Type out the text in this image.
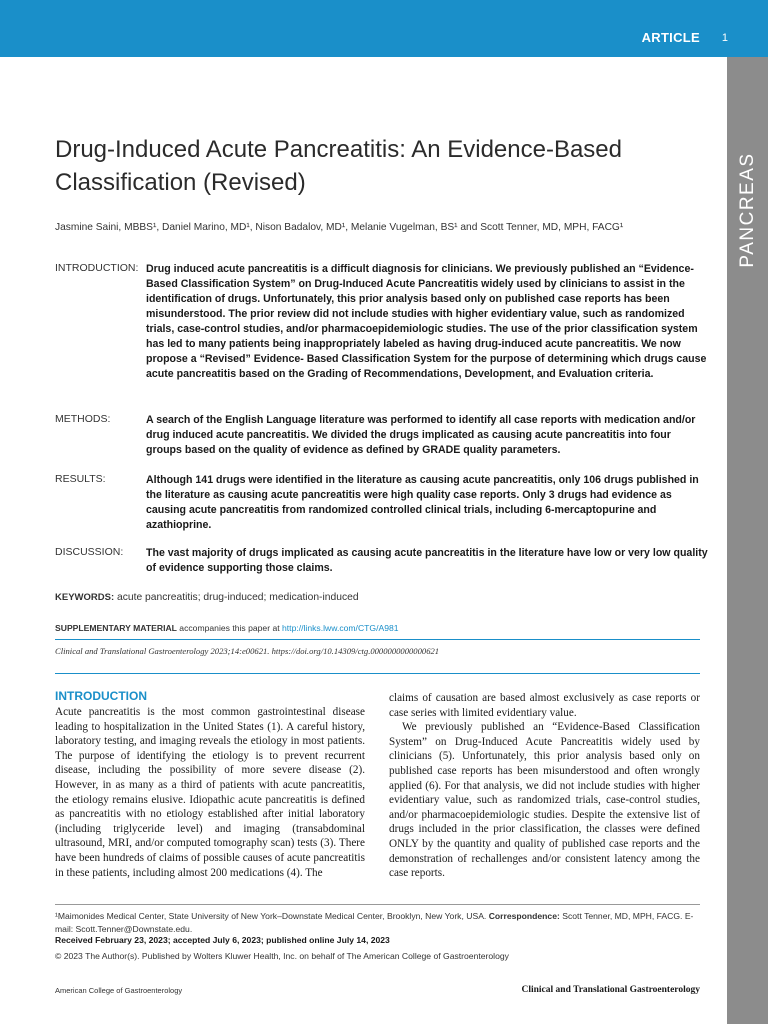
ARTICLE 1
PANCREAS
Drug-Induced Acute Pancreatitis: An Evidence-Based Classification (Revised)

Jasmine Saini, MBBS¹, Daniel Marino, MD¹, Nison Badalov, MD¹, Melanie Vugelman, BS¹ and Scott Tenner, MD, MPH, FACG¹

INTRODUCTION: Drug induced acute pancreatitis is a difficult diagnosis for clinicians. We previously published an “Evidence-Based Classification System” on Drug-Induced Acute Pancreatitis widely used by clinicians to assist in the identification of drugs. Unfortunately, this prior analysis based only on published case reports has been misunderstood. The prior review did not include studies with higher evidentiary value, such as randomized trials, case-control studies, and/or pharmacoepidemiologic studies. The use of the prior classification system has led to many patients being inappropriately labeled as having drug-induced acute pancreatitis. We now propose a “Revised” Evidence- Based Classification System for the purpose of determining which drugs cause acute pancreatitis based on the Grading of Recommendations, Development, and Evaluation criteria.

METHODS:	A search of the English Language literature was performed to identify all case reports with medication and/or drug induced acute pancreatitis. We divided the drugs implicated as causing acute pancreatitis into four groups based on the quality of evidence as defined by GRADE quality parameters.

RESULTS:	Although 141 drugs were identified in the literature as causing acute pancreatitis, only 106 drugs published in the literature as causing acute pancreatitis were high quality case reports. Only 3 drugs had evidence as causing acute pancreatitis from randomized controlled clinical trials, including 6-mercaptopurine and azathioprine.

DISCUSSION:	The vast majority of drugs implicated as causing acute pancreatitis in the literature have low or very low quality of evidence supporting those claims.

KEYWORDS: acute pancreatitis; drug-induced; medication-induced

SUPPLEMENTARY MATERIAL accompanies this paper at http://links.lww.com/CTG/A981

Clinical and Translational Gastroenterology 2023;14:e00621. https://doi.org/10.14309/ctg.0000000000000621

INTRODUCTION

Acute pancreatitis is the most common gastrointestinal disease leading to hospitalization in the United States (1). A careful history, laboratory testing, and imaging reveals the etiology in most patients. The purpose of identifying the etiology is to prevent recurrent disease, including the possibility of more severe disease (2). However, in as many as a third of patients with acute pancreatitis, the etiology remains elusive. Idiopathic acute pancreatitis is defined as pancreatitis with no etiology established after initial laboratory (including triglyceride level) and imaging (transabdominal ultrasound, MRI, and/or computed tomography scan) tests (3). There have been hundreds of claims of possible causes of acute pancreatitis in these patients, including almost 200 medications (4). The

claims of causation are based almost exclusively as case reports or case series with limited evidentiary value.

We previously published an “Evidence-Based Classification System” on Drug-Induced Acute Pancreatitis widely used by clinicians (5). Unfortunately, this prior analysis based only on published case reports has been misunderstood and often wrongly applied (6). For that analysis, we did not include studies with higher evidentiary value, such as randomized trials, case-control studies, and/or pharmacoepidemiologic studies. Despite the extensive list of drugs included in the prior classification, the classes were defined ONLY by the quantity and quality of published case reports and the demonstration of rechallenges and/or consistent latency among the case reports.

¹Maimonides Medical Center, State University of New York–Downstate Medical Center, Brooklyn, New York, USA. Correspondence: Scott Tenner, MD, MPH, FACG. E-mail: Scott.Tenner@Downstate.edu.

Received February 23, 2023; accepted July 6, 2023; published online July 14, 2023

© 2023 The Author(s). Published by Wolters Kluwer Health, Inc. on behalf of The American College of Gastroenterology

American College of Gastroenterology	Clinical and Translational Gastroenterology
